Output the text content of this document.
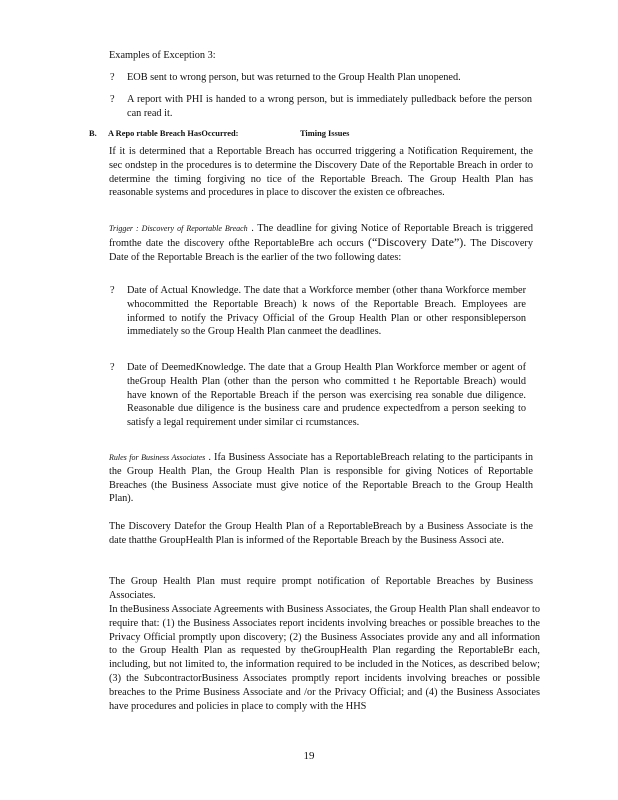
Examples of Exception 3:
? EOB sent to wrong person, but was returned to the Group Health Plan unopened.
? A report with PHI is handed to a wrong person, but is immediately pulledback before the person can read it.
B. A Repo rtable Breach HasOccurred:	Timing Issues
If it is determined that a Reportable Breach has occurred triggering a Notification Requirement, the sec ondstep in the procedures is to determine the Discovery Date of the Reportable Breach in order to determine the timing forgiving no tice of the Reportable Breach. The Group Health Plan has reasonable systems and procedures in place to discover the existen ce ofbreaches.
Trigger : Discovery of Reportable Breach . The deadline for giving Notice of Reportable Breach is triggered fromthe date the discovery ofthe ReportableBre ach occurs (“Discovery Date”). The Discovery Date of the Reportable Breach is the earlier of the two following dates:
? Date of Actual Knowledge. The date that a Workforce member (other thana Workforce member whocommitted the Reportable Breach) k nows of the Reportable Breach. Employees are informed to notify the Privacy Official of the Group Health Plan or other responsibleperson immediately so the Group Health Plan canmeet the deadlines.
? Date of DeemedKnowledge. The date that a Group Health Plan Workforce member or agent of theGroup Health Plan (other than the person who committed t he Reportable Breach) would have known of the Reportable Breach if the person was exercising rea sonable due diligence. Reasonable due diligence is the business care and prudence expectedfrom a person seeking to satisfy a legal requirement under similar ci rcumstances.
Rules for Business Associates . Ifa Business Associate has a ReportableBreach relating to the participants in the Group Health Plan, the Group Health Plan is responsible for giving Notices of Reportable Breaches (the Business Associate must give notice of the Reportable Breach to the Group Health Plan).
The Discovery Datefor the Group Health Plan of a ReportableBreach by a Business Associate is the date thatthe GroupHealth Plan is informed of the Reportable Breach by the Business Associ ate.
The Group Health Plan must require prompt notification of Reportable Breaches by Business Associates.
In theBusiness Associate Agreements with Business Associates, the Group Health Plan shall endeavor to require that: (1) the Business Associates report incidents involving breaches or possible breaches to the Privacy Official promptly upon discovery; (2) the Business Associates provide any and all information to the Group Health Plan as requested by theGroupHealth Plan regarding the ReportableBr each, including, but not limited to, the information required to be included in the Notices, as described below; (3) the SubcontractorBusiness Associates promptly report incidents involving breaches or possible breaches to the Prime Business Associate and /or the Privacy Official; and (4) the Business Associates have procedures and policies in place to comply with the HHS
19
